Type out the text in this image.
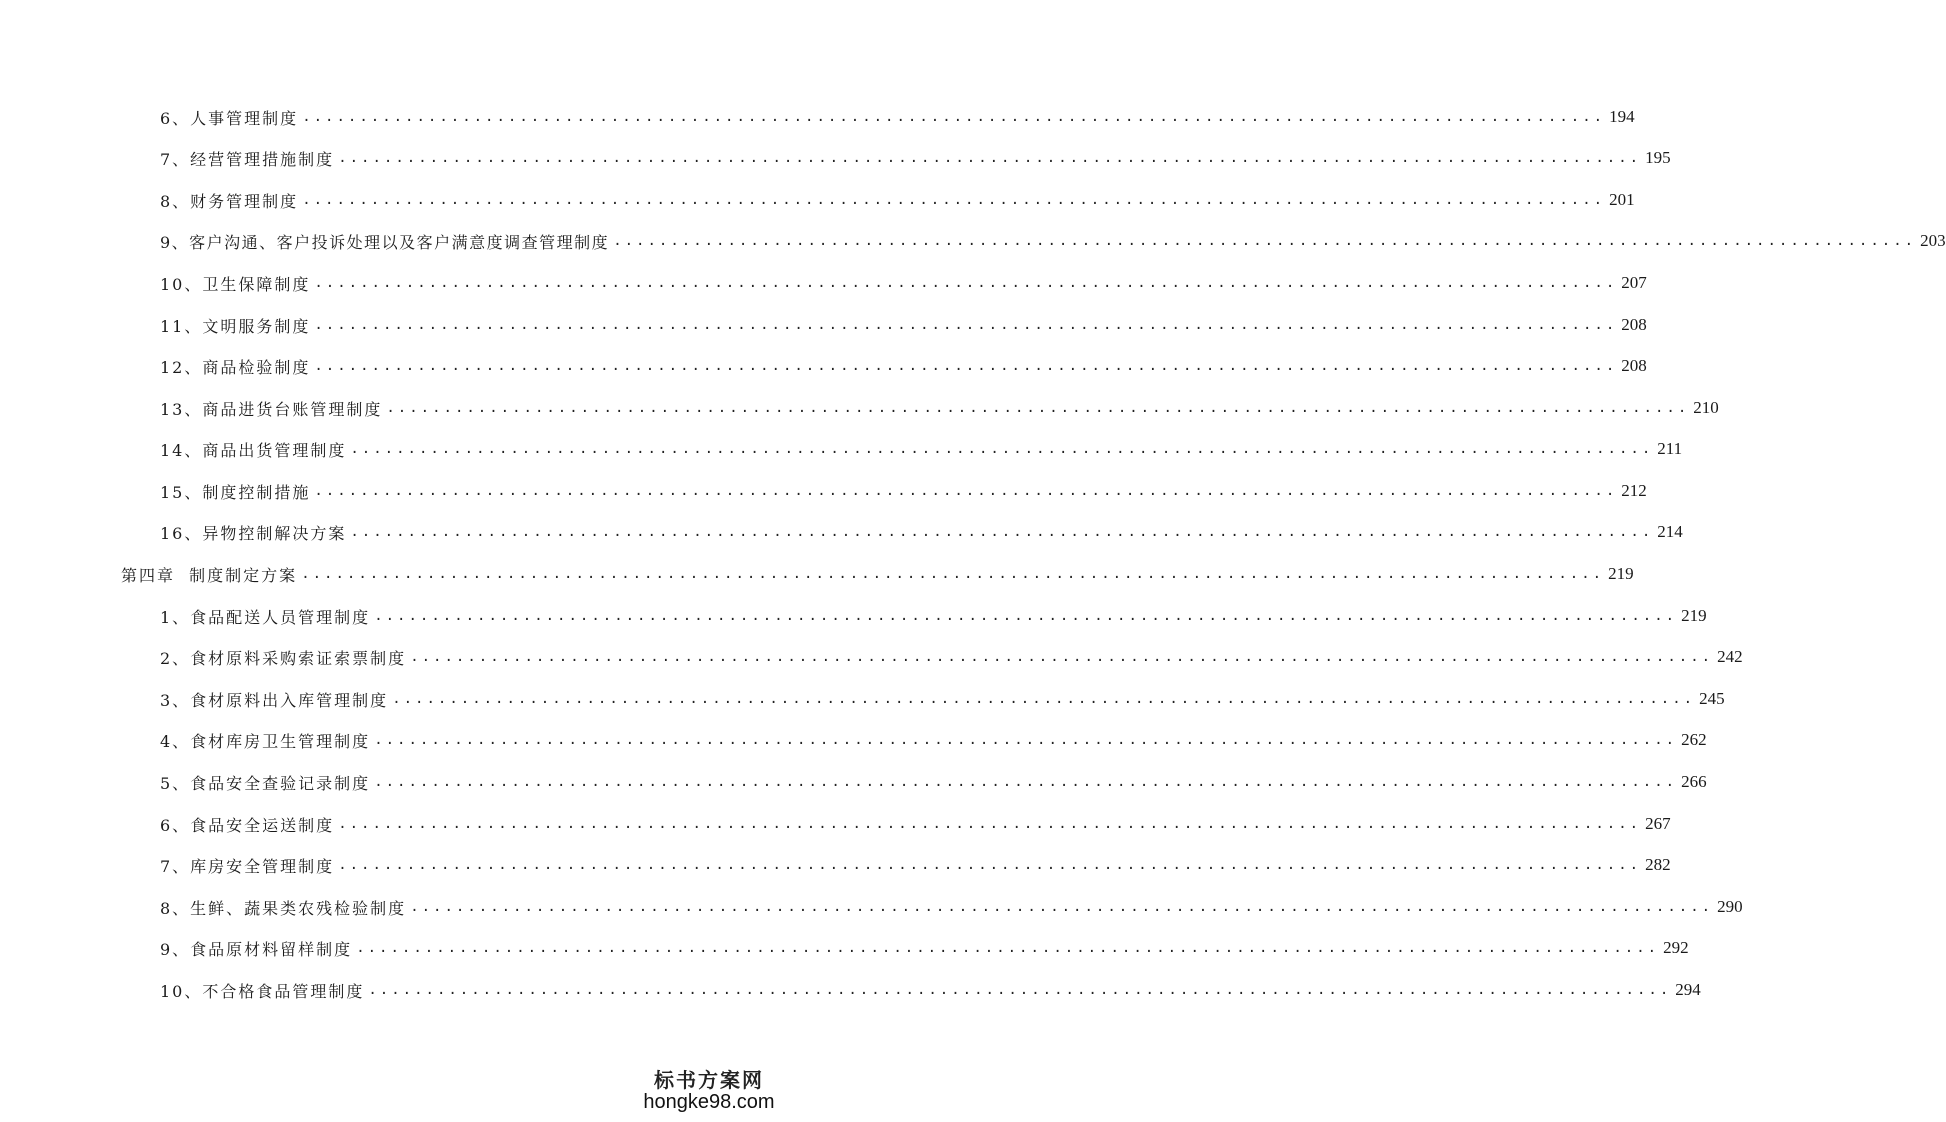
6、人事管理制度 .................................................................................................................. 194
7、经营管理措施制度 .................................................................................................................. 195
8、财务管理制度 .................................................................................................................. 201
9、客户沟通、客户投诉处理以及客户满意度调查管理制度 .................................................................................................................. 203
10、卫生保障制度 .................................................................................................................. 207
11、文明服务制度 .................................................................................................................. 208
12、商品检验制度 .................................................................................................................. 208
13、商品进货台账管理制度 .................................................................................................................. 210
14、商品出货管理制度 .................................................................................................................. 211
15、制度控制措施 .................................................................................................................. 212
16、异物控制解决方案 .................................................................................................................. 214
第四章  制度制定方案 .................................................................................................................. 219
1、食品配送人员管理制度 .................................................................................................................. 219
2、食材原料采购索证索票制度 .................................................................................................................. 242
3、食材原料出入库管理制度 .................................................................................................................. 245
4、食材库房卫生管理制度 .................................................................................................................. 262
5、食品安全查验记录制度 .................................................................................................................. 266
6、食品安全运送制度 .................................................................................................................. 267
7、库房安全管理制度 .................................................................................................................. 282
8、生鲜、蔬果类农残检验制度 .................................................................................................................. 290
9、食品原材料留样制度 .................................................................................................................. 292
10、不合格食品管理制度 .................................................................................................................. 294
标书方案网
hongke98.com
